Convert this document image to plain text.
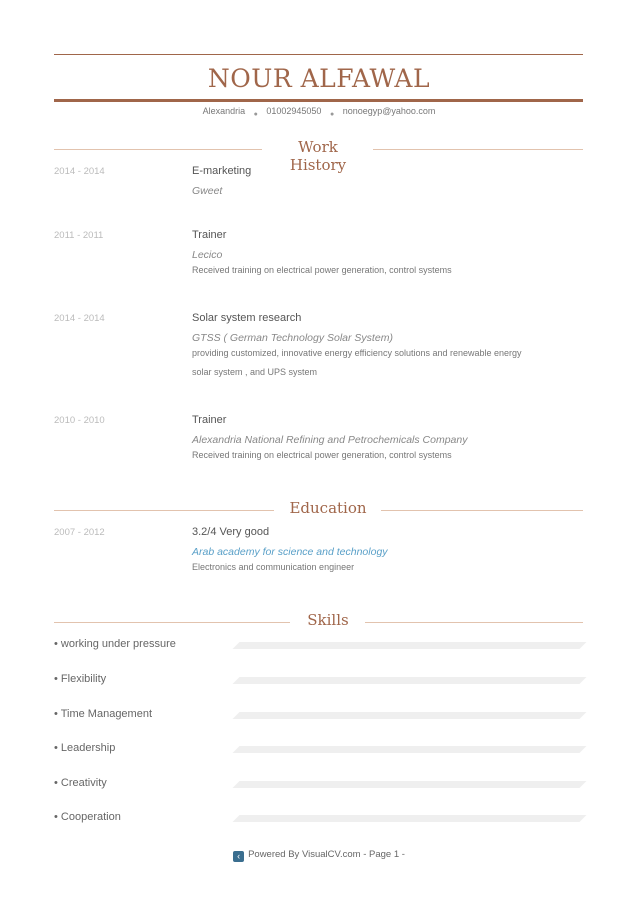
NOUR ALFAWAL
Alexandria ● 01002945050 ● nonoegyp@yahoo.com
Work History
2014 - 2014	E-marketing
Gweet
2011 - 2011	Trainer
Lecico
Received training on electrical power generation, control systems
2014 - 2014	Solar system research
GTSS ( German Technology Solar System)
providing customized, innovative energy efficiency solutions and renewable energy
solar system , and UPS system
2010 - 2010	Trainer
Alexandria National Refining and Petrochemicals Company
Received training on electrical power generation, control systems
Education
2007 - 2012	3.2/4 Very good
Arab academy for science and technology
Electronics and communication engineer
Skills
• working under pressure
• Flexibility
• Time Management
• Leadership
• Creativity
• Cooperation
‹ Powered By VisualCV.com - Page 1 -
